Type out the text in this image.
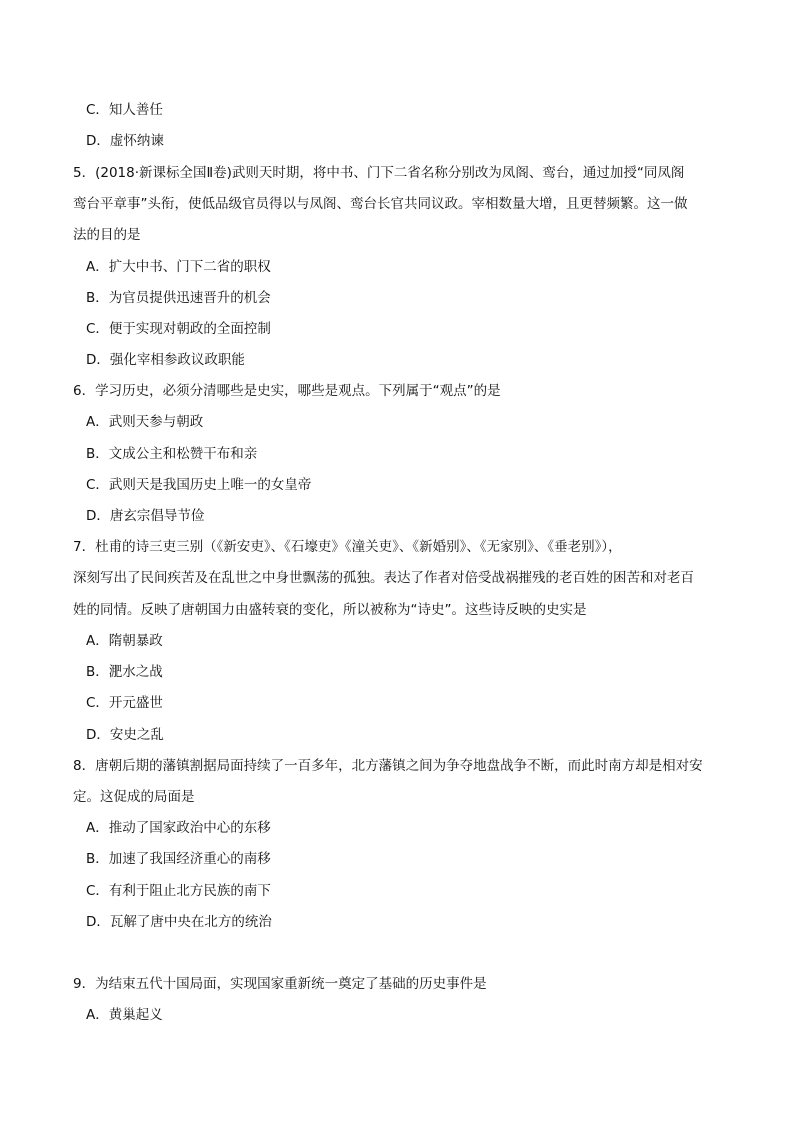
C．知人善任
D．虚怀纳谏
5．(2018·新课标全国Ⅱ卷)武则天时期，将中书、门下二省名称分别改为凤阁、鸾台，通过加授“同凤阁
鸾台平章事”头衔，使低品级官员得以与凤阁、鸾台长官共同议政。宰相数量大增，且更替频繁。这一做
法的目的是
A．扩大中书、门下二省的职权
B．为官员提供迅速晋升的机会
C．便于实现对朝政的全面控制
D．强化宰相参政议政职能
6．学习历史，必须分清哪些是史实，哪些是观点。下列属于“观点”的是
A．武则天参与朝政
B．文成公主和松赞干布和亲
C．武则天是我国历史上唯一的女皇帝
D．唐玄宗倡导节俭
7．杜甫的诗三吏三别（《新安吏》、《石壕吏》《潼关吏》、《新婚别》、《无家别》、《垂老别》），
深刻写出了民间疾苦及在乱世之中身世飘荡的孤独。表达了作者对倍受战祸摧残的老百姓的困苦和对老百
姓的同情。反映了唐朝国力由盛转衰的变化，所以被称为“诗史”。这些诗反映的史实是
A．隋朝暴政
B．淝水之战
C．开元盛世
D．安史之乱
8．唐朝后期的藩镇割据局面持续了一百多年，北方藩镇之间为争夺地盘战争不断，而此时南方却是相对安
定。这促成的局面是
A．推动了国家政治中心的东移
B．加速了我国经济重心的南移
C．有利于阻止北方民族的南下
D．瓦解了唐中央在北方的统治
9．为结束五代十国局面，实现国家重新统一奠定了基础的历史事件是
A．黄巢起义
